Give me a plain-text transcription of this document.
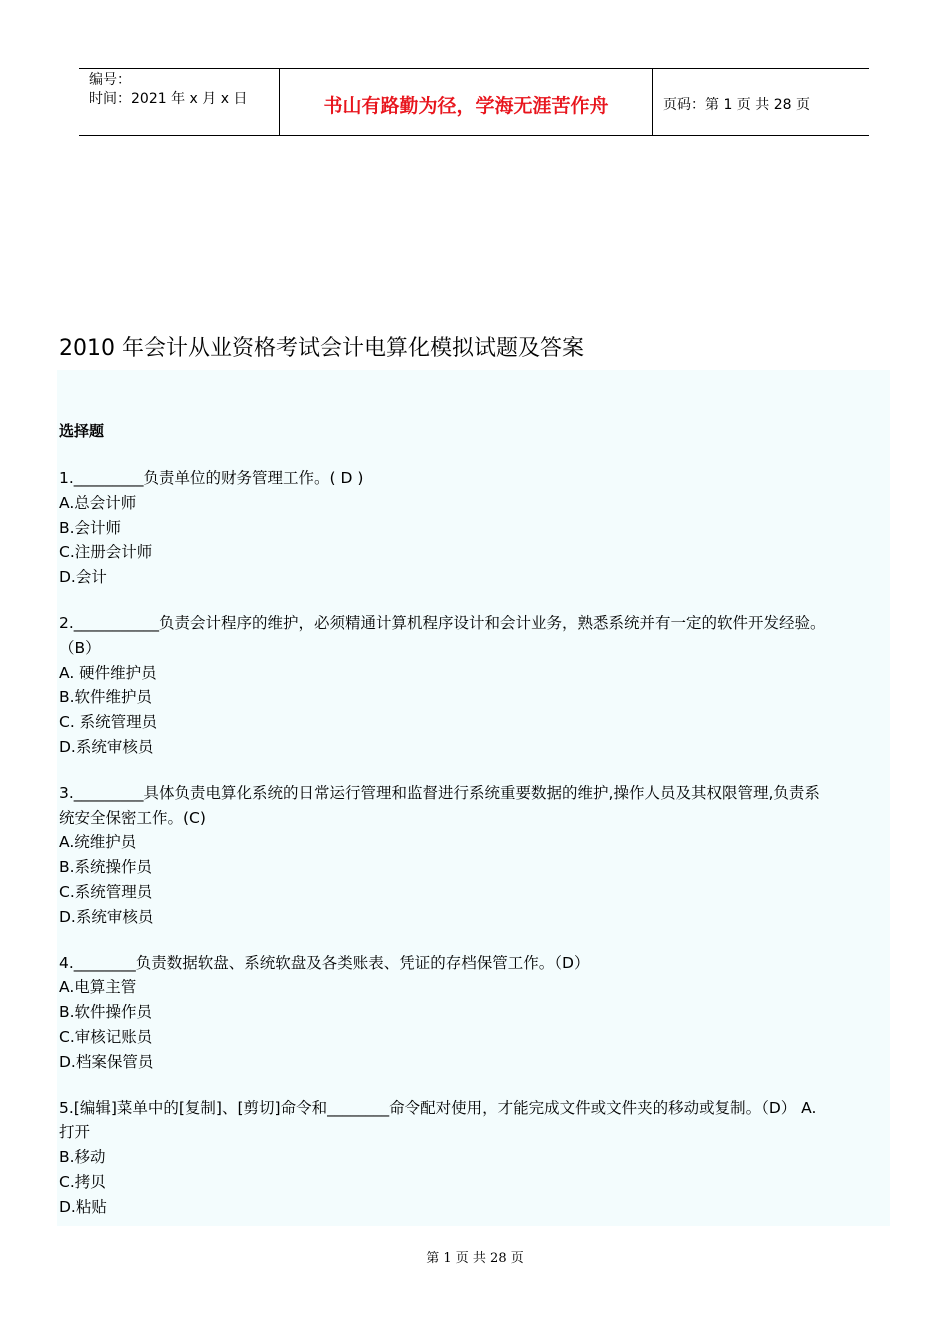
编号：
时间：2021 年 x 月 x 日	书山有路勤为径，学海无涯苦作舟	页码：第 1 页 共 28 页
2010 年会计从业资格考试会计电算化模拟试题及答案
选择题
1._________负责单位的财务管理工作。( D )
A.总会计师
B.会计师
C.注册会计师
D.会计
2.___________负责会计程序的维护，必须精通计算机程序设计和会计业务，熟悉系统并有一定的软件开发经验。
（B）
A. 硬件维护员
B.软件维护员
C. 系统管理员
D.系统审核员
3._________具体负责电算化系统的日常运行管理和监督进行系统重要数据的维护,操作人员及其权限管理,负责系
统安全保密工作。(C)
A.统维护员
B.系统操作员
C.系统管理员
D.系统审核员
4.________负责数据软盘、系统软盘及各类账表、凭证的存档保管工作。（D）
A.电算主管
B.软件操作员
C.审核记账员
D.档案保管员
5.[编辑]菜单中的[复制]、[剪切]命令和________命令配对使用，才能完成文件或文件夹的移动或复制。（D） A.
打开
B.移动
C.拷贝
D.粘贴
第 1 页 共 28 页
